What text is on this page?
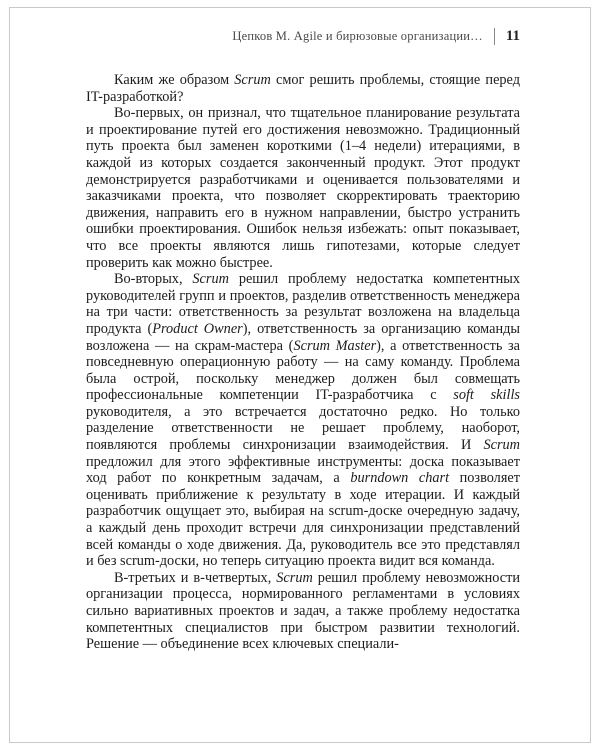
Цепков М. Agile и бирюзовые организации… 11

Каким же образом Scrum смог решить проблемы, стоящие перед IT-разработкой?

Во-первых, он признал, что тщательное планирование результата и проектирование путей его достижения невозможно. Традиционный путь проекта был заменен короткими (1–4 недели) итерациями, в каждой из которых создается законченный продукт. Этот продукт демонстрируется разработчиками и оценивается пользователями и заказчиками проекта, что позволяет скорректировать траекторию движения, направить его в нужном направлении, быстро устранить ошибки проектирования. Ошибок нельзя избежать: опыт показывает, что все проекты являются лишь гипотезами, которые следует проверить как можно быстрее.

Во-вторых, Scrum решил проблему недостатка компетентных руководителей групп и проектов, разделив ответственность менеджера на три части: ответственность за результат возложена на владельца продукта (Product Owner), ответственность за организацию команды возложена — на скрам-мастера (Scrum Master), а ответственность за повседневную операционную работу — на саму команду. Проблема была острой, поскольку менеджер должен был совмещать профессиональные компетенции IT-разработчика с soft skills руководителя, а это встречается достаточно редко. Но только разделение ответственности не решает проблему, наоборот, появляются проблемы синхронизации взаимодействия. И Scrum предложил для этого эффективные инструменты: доска показывает ход работ по конкретным задачам, а burndown chart позволяет оценивать приближение к результату в ходе итерации. И каждый разработчик ощущает это, выбирая на scrum-доске очередную задачу, а каждый день проходит встречи для синхронизации представлений всей команды о ходе движения. Да, руководитель все это представлял и без scrum-доски, но теперь ситуацию проекта видит вся команда.

В-третьих и в-четвертых, Scrum решил проблему невозможности организации процесса, нормированного регламентами в условиях сильно вариативных проектов и задач, а также проблему недостатка компетентных специалистов при быстром развитии технологий. Решение — объединение всех ключевых специали-
